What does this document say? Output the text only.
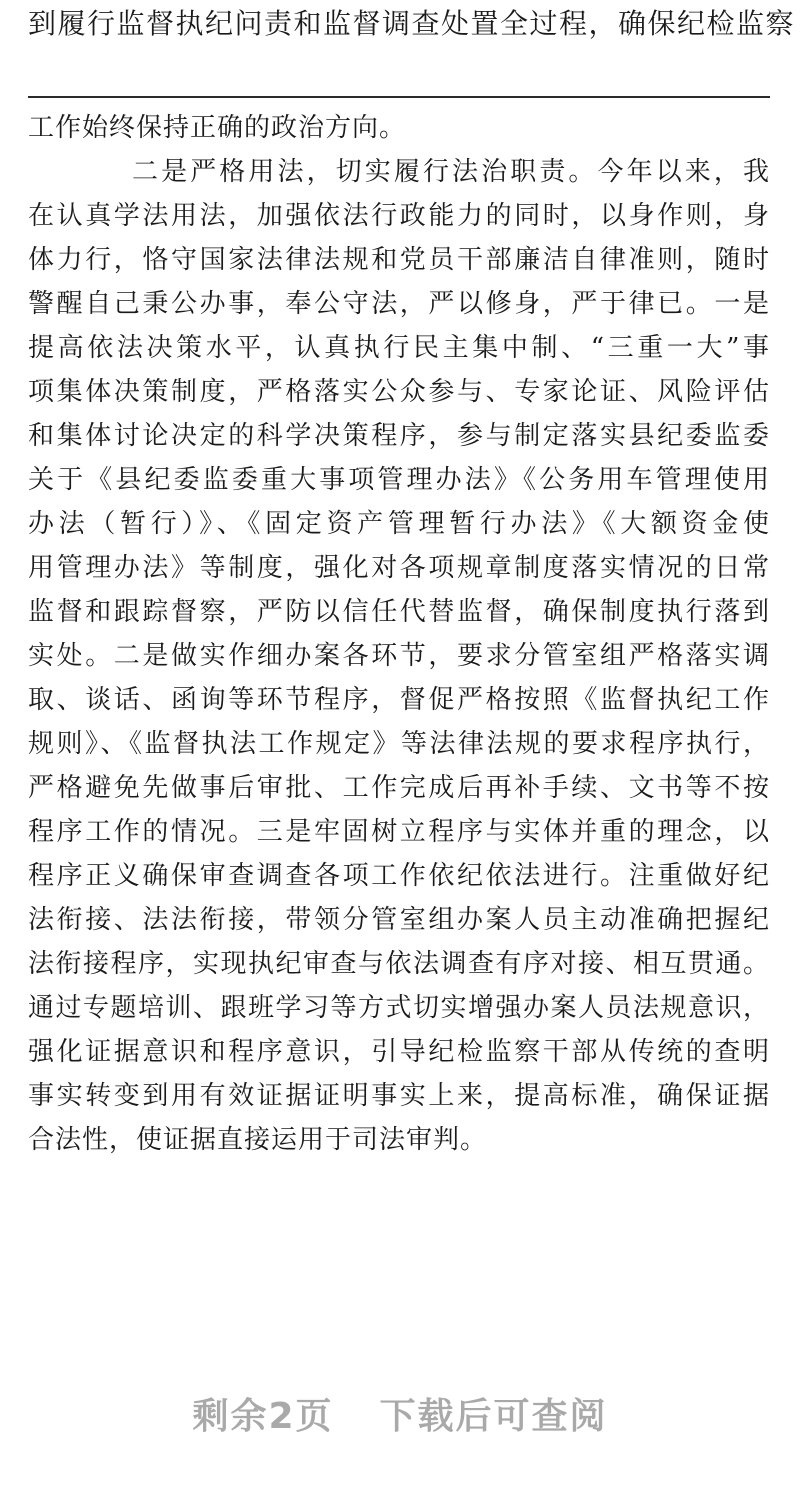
到履行监督执纪问责和监督调查处置全过程，确保纪检监察
工作始终保持正确的政治方向。
二是严格用法，切实履行法治职责。今年以来，我
在认真学法用法，加强依法行政能力的同时，以身作则，身
体力行，恪守国家法律法规和党员干部廉洁自律准则，随时
警醒自己秉公办事，奉公守法，严以修身，严于律已。一是
提高依法决策水平，认真执行民主集中制、“三重一大”事
项集体决策制度，严格落实公众参与、专家论证、风险评估
和集体讨论决定的科学决策程序，参与制定落实县纪委监委
关于《县纪委监委重大事项管理办法》《公务用车管理使用
办法（暂行）》、《固定资产管理暂行办法》《大额资金使
用管理办法》等制度，强化对各项规章制度落实情况的日常
监督和跟踪督察，严防以信任代替监督，确保制度执行落到
实处。二是做实作细办案各环节，要求分管室组严格落实调
取、谈话、函询等环节程序，督促严格按照《监督执纪工作
规则》、《监督执法工作规定》等法律法规的要求程序执行，
严格避免先做事后审批、工作完成后再补手续、文书等不按
程序工作的情况。三是牢固树立程序与实体并重的理念，以
程序正义确保审查调查各项工作依纪依法进行。注重做好纪
法衔接、法法衔接，带领分管室组办案人员主动准确把握纪
法衔接程序，实现执纪审查与依法调查有序对接、相互贯通。
通过专题培训、跟班学习等方式切实增强办案人员法规意识，
强化证据意识和程序意识，引导纪检监察干部从传统的查明
事实转变到用有效证据证明事实上来，提高标准，确保证据
合法性，使证据直接运用于司法审判。
剩余2页 下载后可查阅
